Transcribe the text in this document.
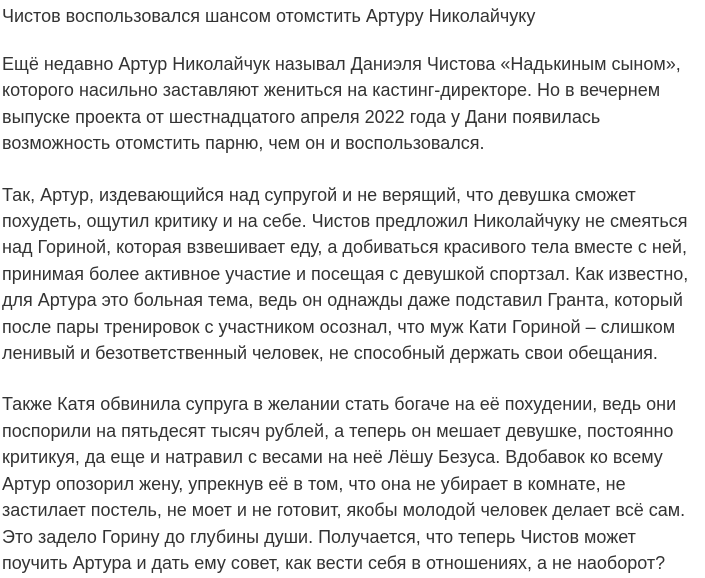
Чистов воспользовался шансом отомстить Артуру Николайчуку

Ещё недавно Артур Николайчук называл Даниэля Чистова «Надькиным сыном»,
которого насильно заставляют жениться на кастинг-директоре. Но в вечернем
выпуске проекта от шестнадцатого апреля 2022 года у Дани появилась
возможность отомстить парню, чем он и воспользовался.

Так, Артур, издевающийся над супругой и не верящий, что девушка сможет
похудеть, ощутил критику и на себе. Чистов предложил Николайчуку не смеяться
над Гориной, которая взвешивает еду, а добиваться красивого тела вместе с ней,
принимая более активное участие и посещая с девушкой спортзал. Как известно,
для Артура это больная тема, ведь он однажды даже подставил Гранта, который
после пары тренировок с участником осознал, что муж Кати Гориной – слишком
ленивый и безответственный человек, не способный держать свои обещания.

Также Катя обвинила супруга в желании стать богаче на её похудении, ведь они
поспорили на пятьдесят тысяч рублей, а теперь он мешает девушке, постоянно
критикуя, да еще и натравил с весами на неё Лёшу Безуса. Вдобавок ко всему
Артур опозорил жену, упрекнув её в том, что она не убирает в комнате, не
застилает постель, не моет и не готовит, якобы молодой человек делает всё сам.
Это задело Горину до глубины души. Получается, что теперь Чистов может
поучить Артура и дать ему совет, как вести себя в отношениях, а не наоборот?
